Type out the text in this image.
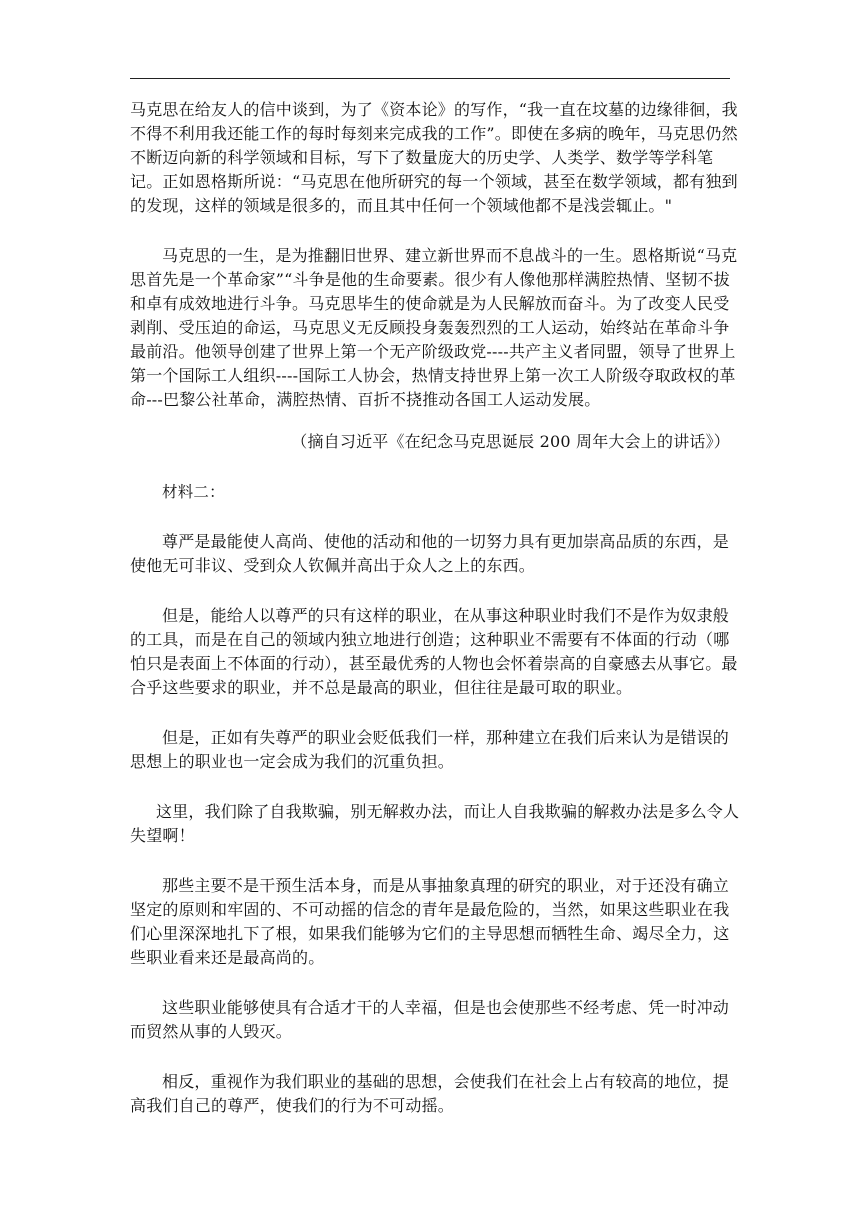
马克思在给友人的信中谈到，为了《资本论》的写作，“我一直在坟墓的边缘徘徊，我不得不利用我还能工作的每时每刻来完成我的工作”。即使在多病的晚年，马克思仍然不断迈向新的科学领域和目标，写下了数量庞大的历史学、人类学、数学等学科笔记。正如恩格斯所说：“马克思在他所研究的每一个领域，甚至在数学领域，都有独到的发现，这样的领域是很多的，而且其中任何一个领域他都不是浅尝辄止。"

马克思的一生，是为推翻旧世界、建立新世界而不息战斗的一生。恩格斯说“马克思首先是一个革命家”“斗争是他的生命要素。很少有人像他那样满腔热情、坚韧不拔和卓有成效地进行斗争。马克思毕生的使命就是为人民解放而奋斗。为了改变人民受剥削、受压迫的命运，马克思义无反顾投身轰轰烈烈的工人运动，始终站在革命斗争最前沿。他领导创建了世界上第一个无产阶级政党----共产主义者同盟，领导了世界上第一个国际工人组织----国际工人协会，热情支持世界上第一次工人阶级夺取政权的革命---巴黎公社革命，满腔热情、百折不挠推动各国工人运动发展。

（摘自习近平《在纪念马克思诞辰 200 周年大会上的讲话》）

材料二：

尊严是最能使人高尚、使他的活动和他的一切努力具有更加崇高品质的东西，是使他无可非议、受到众人钦佩并高出于众人之上的东西。

但是，能给人以尊严的只有这样的职业，在从事这种职业时我们不是作为奴隶般的工具，而是在自己的领域内独立地进行创造；这种职业不需要有不体面的行动（哪怕只是表面上不体面的行动），甚至最优秀的人物也会怀着崇高的自豪感去从事它。最合乎这些要求的职业，并不总是最高的职业，但往往是最可取的职业。

但是，正如有失尊严的职业会贬低我们一样，那种建立在我们后来认为是错误的思想上的职业也一定会成为我们的沉重负担。

这里，我们除了自我欺骗，别无解救办法，而让人自我欺骗的解救办法是多么令人失望啊！

那些主要不是干预生活本身，而是从事抽象真理的研究的职业，对于还没有确立坚定的原则和牢固的、不可动摇的信念的青年是最危险的，当然，如果这些职业在我们心里深深地扎下了根，如果我们能够为它们的主导思想而牺牲生命、竭尽全力，这些职业看来还是最高尚的。

这些职业能够使具有合适才干的人幸福，但是也会使那些不经考虑、凭一时冲动而贸然从事的人毁灭。

相反，重视作为我们职业的基础的思想，会使我们在社会上占有较高的地位，提高我们自己的尊严，使我们的行为不可动摇。
